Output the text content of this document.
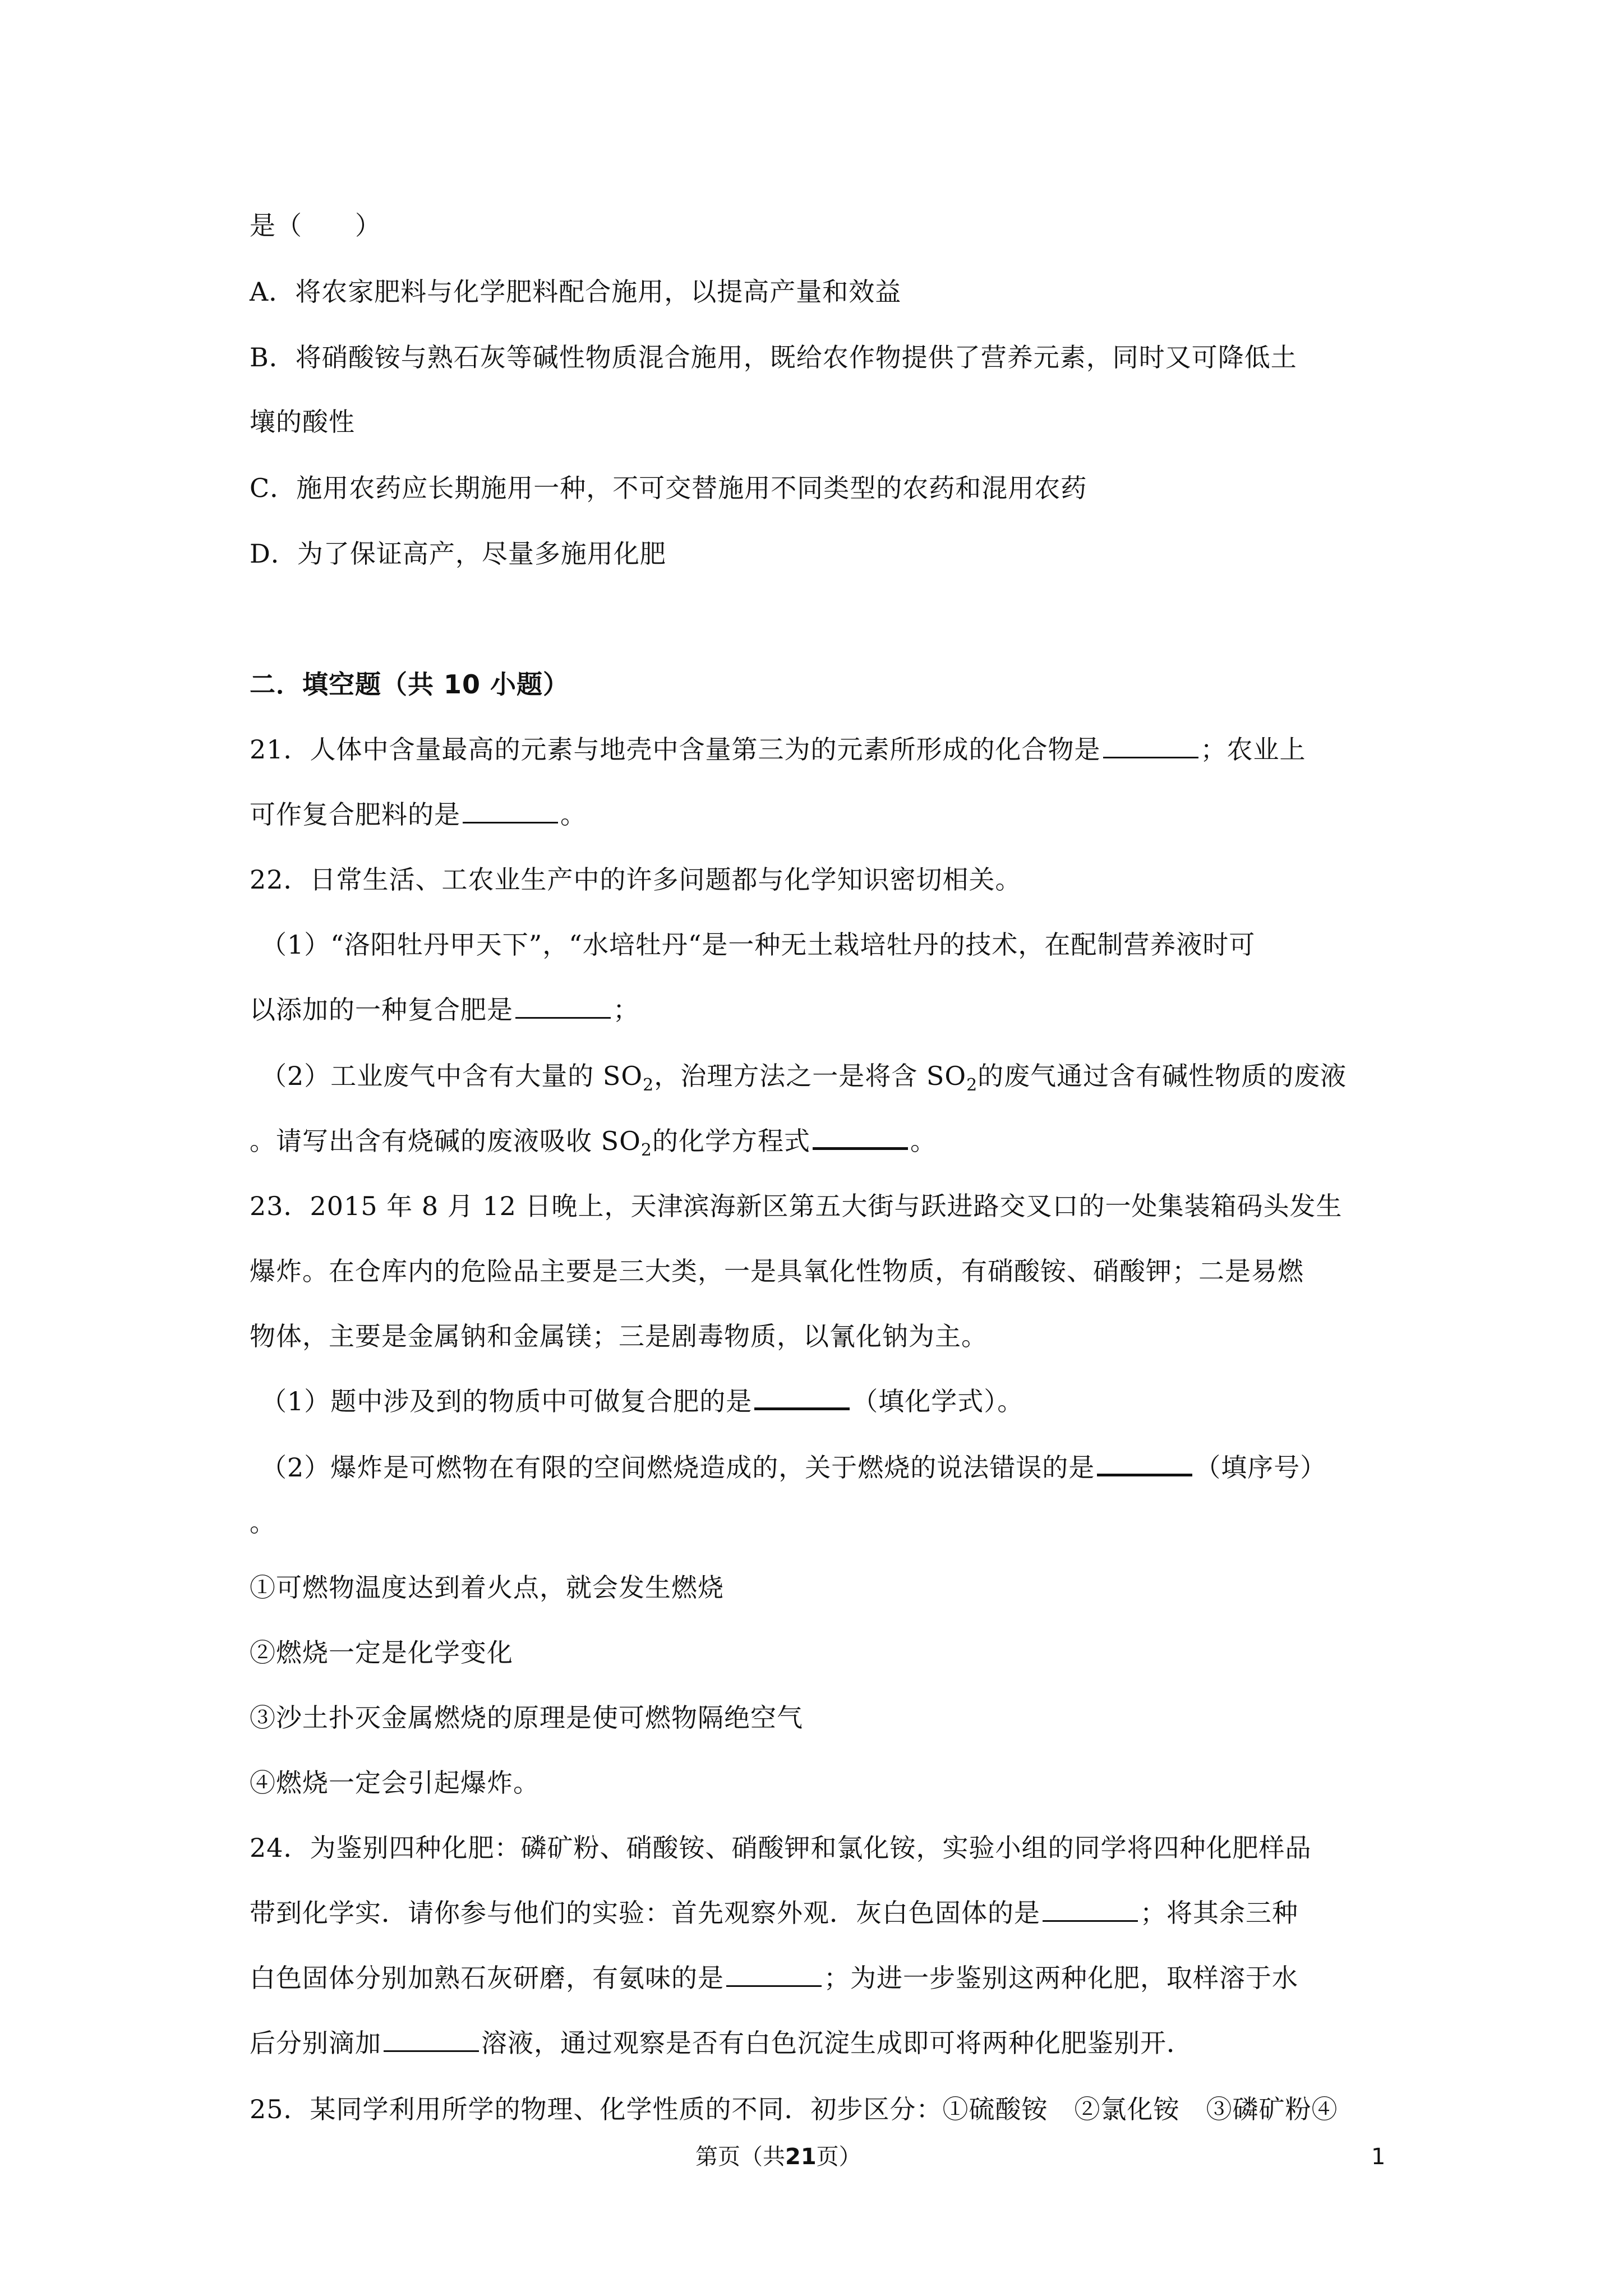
是（　　）
A．将农家肥料与化学肥料配合施用，以提高产量和效益
B．将硝酸铵与熟石灰等碱性物质混合施用，既给农作物提供了营养元素，同时又可降低土
壤的酸性
C．施用农药应长期施用一种，不可交替施用不同类型的农药和混用农药
D．为了保证高产，尽量多施用化肥
二．填空题（共 10 小题）
21．人体中含量最高的元素与地壳中含量第三为的元素所形成的化合物是	；农业上
可作复合肥料的是	。
22．日常生活、工农业生产中的许多问题都与化学知识密切相关。
（1）“洛阳牡丹甲天下”，“水培牡丹“是一种无土栽培牡丹的技术，在配制营养液时可
以添加的一种复合肥是	；
（2）工业废气中含有大量的 $SO_2$，治理方法之一是将含 $SO_2$的废气通过含有碱性物质的废液
。请写出含有烧碱的废液吸收 $SO_2$的化学方程式	。
23．2015 年 8 月 12 日晚上，天津滨海新区第五大街与跃进路交叉口的一处集装箱码头发生
爆炸。在仓库内的危险品主要是三大类，一是具氧化性物质，有硝酸铵、硝酸钾；二是易燃
物体，主要是金属钠和金属镁；三是剧毒物质，以氰化钠为主。
（1）题中涉及到的物质中可做复合肥的是	（填化学式）。
（2）爆炸是可燃物在有限的空间燃烧造成的，关于燃烧的说法错误的是	（填序号）
。
①可燃物温度达到着火点，就会发生燃烧
②燃烧一定是化学变化
③沙土扑灭金属燃烧的原理是使可燃物隔绝空气
④燃烧一定会引起爆炸。
24．为鉴别四种化肥：磷矿粉、硝酸铵、硝酸钾和氯化铵，实验小组的同学将四种化肥样品
带到化学实．请你参与他们的实验：首先观察外观．灰白色固体的是	；将其余三种
白色固体分别加熟石灰研磨，有氨味的是	；为进一步鉴别这两种化肥，取样溶于水
后分别滴加	溶液，通过观察是否有白色沉淀生成即可将两种化肥鉴别开．
25．某同学利用所学的物理、化学性质的不同．初步区分：①硫酸铵　②氯化铵　③磷矿粉④
第页（共21页）	1
